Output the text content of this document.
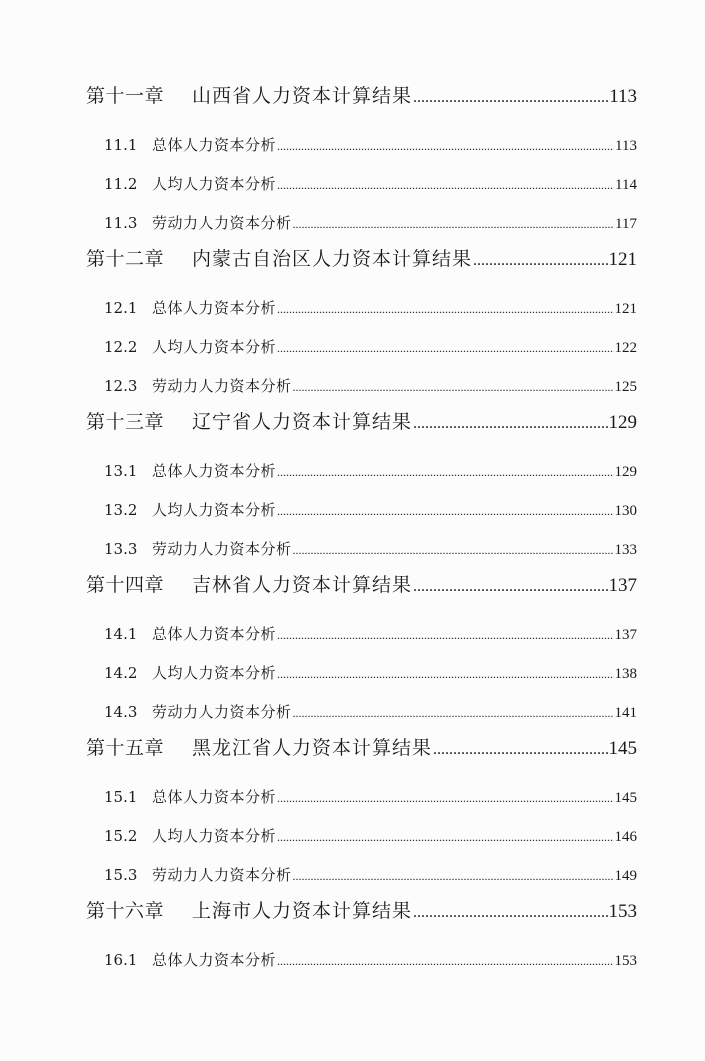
第十一章	山西省人力资本计算结果 .....	113
11.1 总体人力资本分析 .....	113
11.2 人均人力资本分析 .....	114
11.3 劳动力人力资本分析 .....	117
第十二章	内蒙古自治区人力资本计算结果 .....	121
12.1 总体人力资本分析 .....	121
12.2 人均人力资本分析 .....	122
12.3 劳动力人力资本分析 .....	125
第十三章	辽宁省人力资本计算结果 .....	129
13.1 总体人力资本分析 .....	129
13.2 人均人力资本分析 .....	130
13.3 劳动力人力资本分析 .....	133
第十四章	吉林省人力资本计算结果 .....	137
14.1 总体人力资本分析 .....	137
14.2 人均人力资本分析 .....	138
14.3 劳动力人力资本分析 .....	141
第十五章	黑龙江省人力资本计算结果 .....	145
15.1 总体人力资本分析 .....	145
15.2 人均人力资本分析 .....	146
15.3 劳动力人力资本分析 .....	149
第十六章	上海市人力资本计算结果 .....	153
16.1 总体人力资本分析 .....	153
